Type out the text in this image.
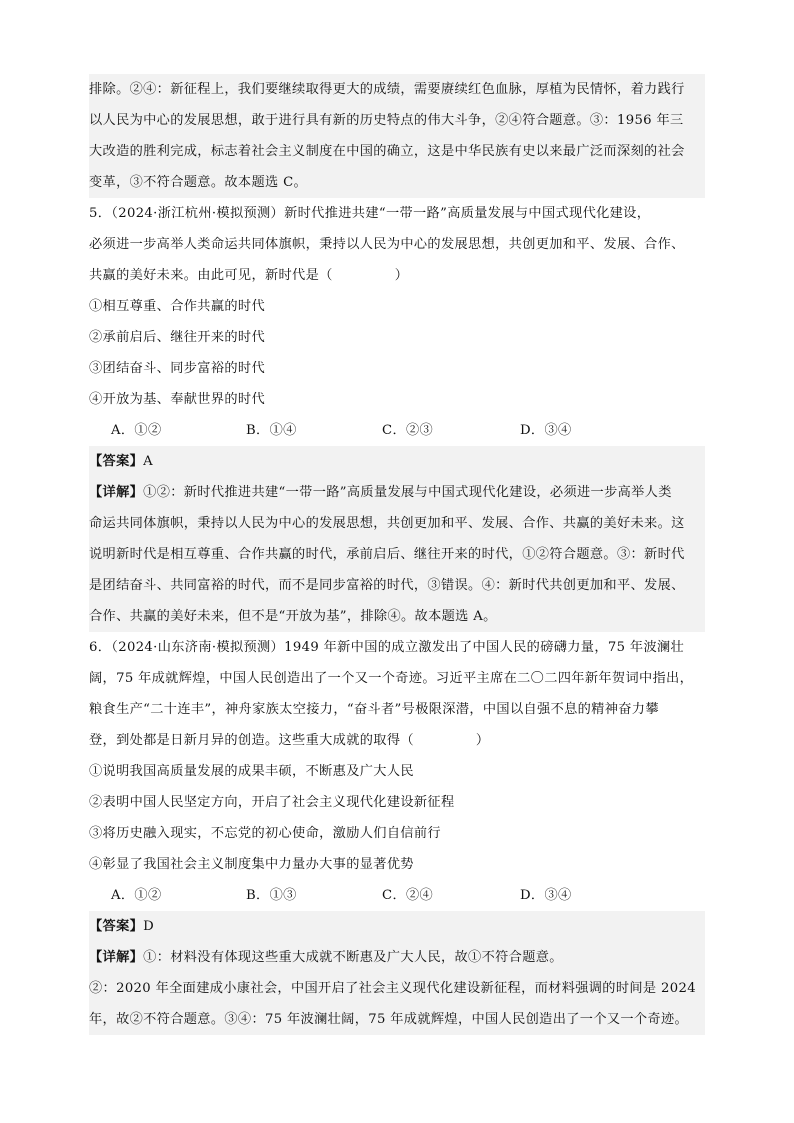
排除。②④：新征程上，我们要继续取得更大的成绩，需要赓续红色血脉，厚植为民情怀，着力践行
以人民为中心的发展思想，敢于进行具有新的历史特点的伟大斗争，②④符合题意。③：1956 年三
大改造的胜利完成，标志着社会主义制度在中国的确立，这是中华民族有史以来最广泛而深刻的社会
变革，③不符合题意。故本题选 C。
5．（2024·浙江杭州·模拟预测）新时代推进共建“一带一路”高质量发展与中国式现代化建设，
必须进一步高举人类命运共同体旗帜，秉持以人民为中心的发展思想，共创更加和平、发展、合作、
共赢的美好未来。由此可见，新时代是（	）
①相互尊重、合作共赢的时代
②承前启后、继往开来的时代
③团结奋斗、同步富裕的时代
④开放为基、奉献世界的时代
A．①②	B．①④	C．②③	D．③④
【答案】A
【详解】①②：新时代推进共建“一带一路”高质量发展与中国式现代化建设，必须进一步高举人类
命运共同体旗帜，秉持以人民为中心的发展思想，共创更加和平、发展、合作、共赢的美好未来。这
说明新时代是相互尊重、合作共赢的时代，承前启后、继往开来的时代，①②符合题意。③：新时代
是团结奋斗、共同富裕的时代，而不是同步富裕的时代，③错误。④：新时代共创更加和平、发展、
合作、共赢的美好未来，但不是“开放为基”，排除④。故本题选 A。
6．（2024·山东济南·模拟预测）1949 年新中国的成立激发出了中国人民的磅礴力量，75 年波澜壮
阔，75 年成就辉煌，中国人民创造出了一个又一个奇迹。习近平主席在二〇二四年新年贺词中指出，
粮食生产“二十连丰”，神舟家族太空接力，“奋斗者”号极限深潜，中国以自强不息的精神奋力攀
登，到处都是日新月异的创造。这些重大成就的取得（	）
①说明我国高质量发展的成果丰硕，不断惠及广大人民
②表明中国人民坚定方向，开启了社会主义现代化建设新征程
③将历史融入现实，不忘党的初心使命，激励人们自信前行
④彰显了我国社会主义制度集中力量办大事的显著优势
A．①②	B．①③	C．②④	D．③④
【答案】D
【详解】①：材料没有体现这些重大成就不断惠及广大人民，故①不符合题意。
②：2020 年全面建成小康社会，中国开启了社会主义现代化建设新征程，而材料强调的时间是 2024
年，故②不符合题意。③④：75 年波澜壮阔，75 年成就辉煌，中国人民创造出了一个又一个奇迹。
